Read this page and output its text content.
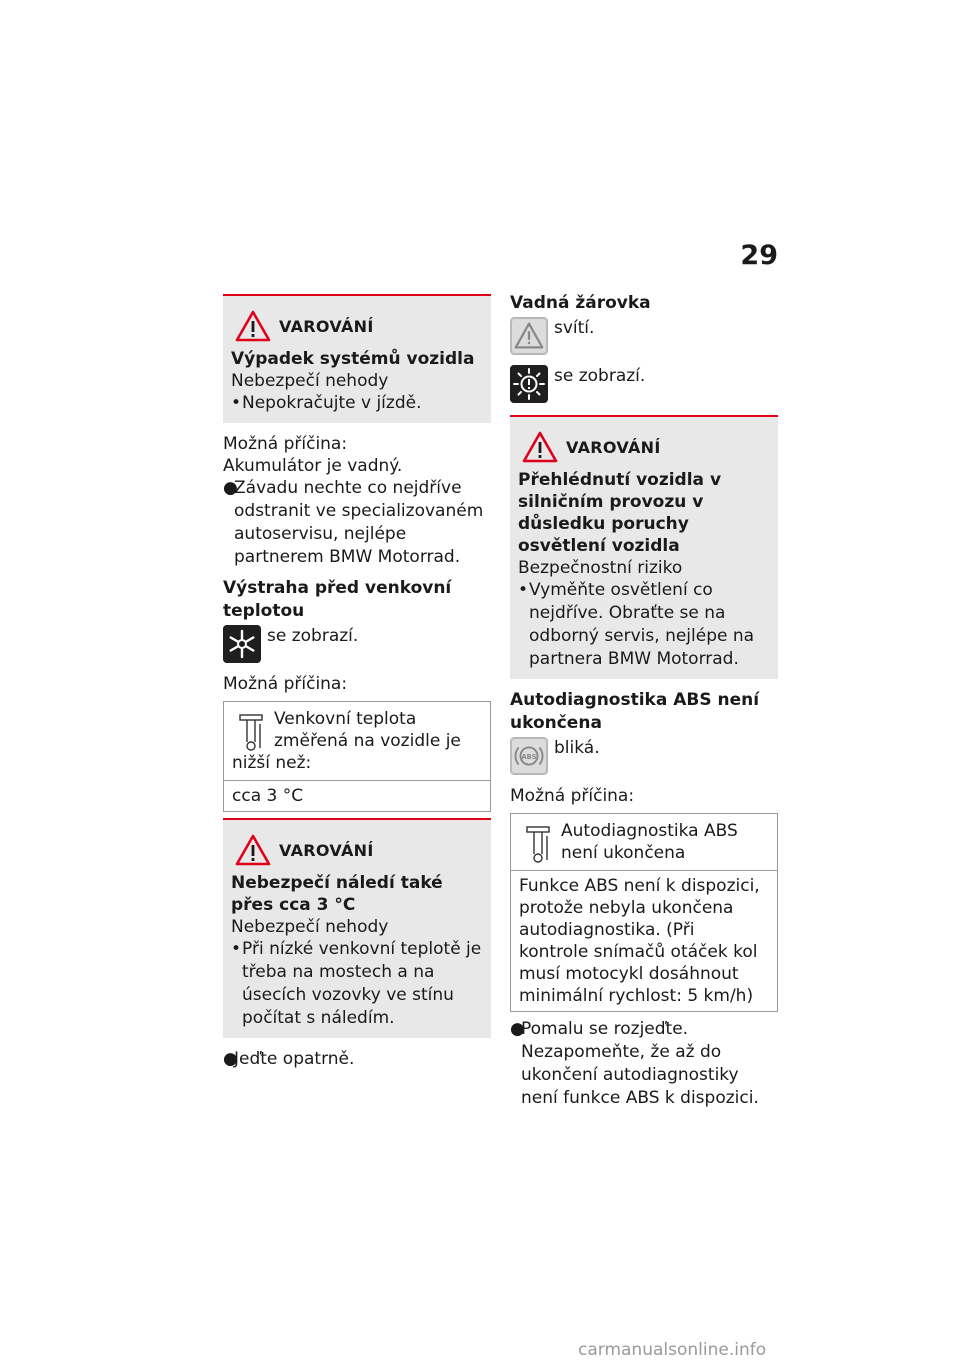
29
VAROVÁNÍ
Výpadek systémů vozidla
Nebezpečí nehody
• Nepokračujte v jízdě.

Možná příčina:

Akumulátor je vadný.

●
Závadu nechte co nejdříve odstranit ve specializovaném autoservisu, nejlépe partnerem BMW Motorrad.

Výstraha před venkovní teplotou

se zobrazí.

Možná příčina:

Venkovní teplota změřená na vozidle je nižší než:
cca 3 °C
VAROVÁNÍ
Nebezpečí náledí také přes cca 3 °C
Nebezpečí nehody
• Při nízké venkovní teplotě je třeba na mostech a na úsecích vozovky ve stínu počítat s náledím.
●
Jeďte opatrně.

Vadná žárovka

svítí.
se zobrazí.
VAROVÁNÍ
Přehlédnutí vozidla v silničním provozu v důsledku poruchy osvětlení vozidla
Bezpečnostní riziko
• Vyměňte osvětlení co nejdříve. Obraťte se na odborný servis, nejlépe na partnera BMW Motorrad.

Autodiagnostika ABS není ukončena

ABS bliká.

Možná příčina:

Autodiagnostika ABS není ukončena
Funkce ABS není k dispozici, protože nebyla ukončena autodiagnostika. (Při kontrole snímačů otáček kol musí motocykl dosáhnout minimální rychlost: 5 km/h)
●
Pomalu se rozjeďte. Nezapomeňte, že až do ukončení autodiagnostiky není funkce ABS k dispozici.
carmanualsonline.info
